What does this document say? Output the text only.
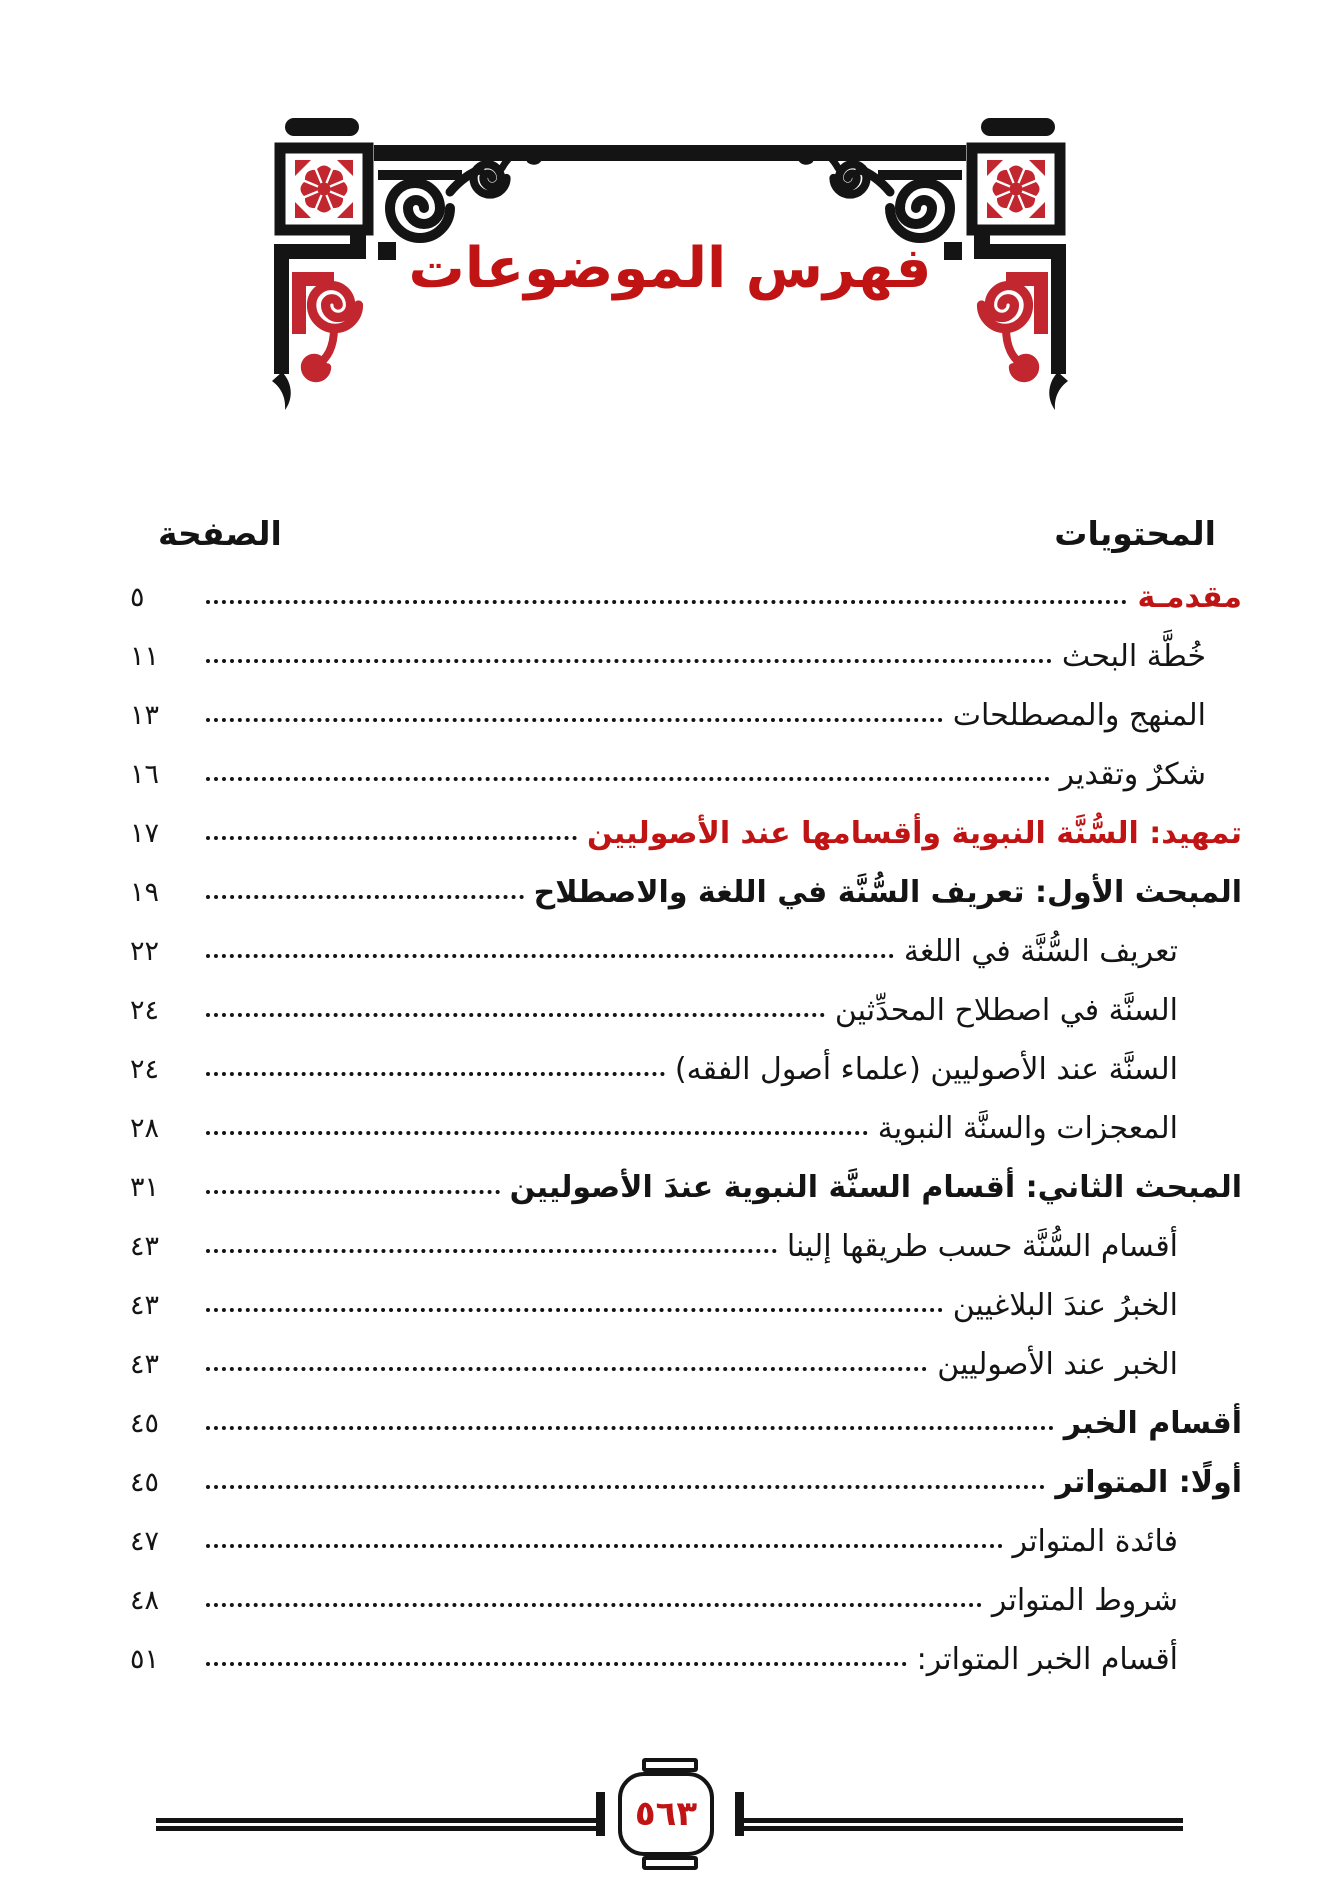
فهرس الموضوعات
المحتويات
الصفحة
مقدمـة
٥
خُطَّة البحث
١١
المنهج والمصطلحات
١٣
شكرٌ وتقدير
١٦
تمهيد: السُّنَّة النبوية وأقسامها عند الأصوليين
١٧
المبحث الأول: تعريف السُّنَّة في اللغة والاصطلاح
١٩
تعريف السُّنَّة في اللغة
٢٢
السنَّة في اصطلاح المحدِّثين
٢٤
السنَّة عند الأصوليين (علماء أصول الفقه)
٢٤
المعجزات والسنَّة النبوية
٢٨
المبحث الثاني: أقسام السنَّة النبوية عندَ الأصوليين
٣١
أقسام السُّنَّة حسب طريقها إلينا
٤٣
الخبرُ عندَ البلاغيين
٤٣
الخبر عند الأصوليين
٤٣
أقسام الخبر
٤٥
أولًا: المتواتر
٤٥
فائدة المتواتر
٤٧
شروط المتواتر
٤٨
أقسام الخبر المتواتر:
٥١
٥٦٣
